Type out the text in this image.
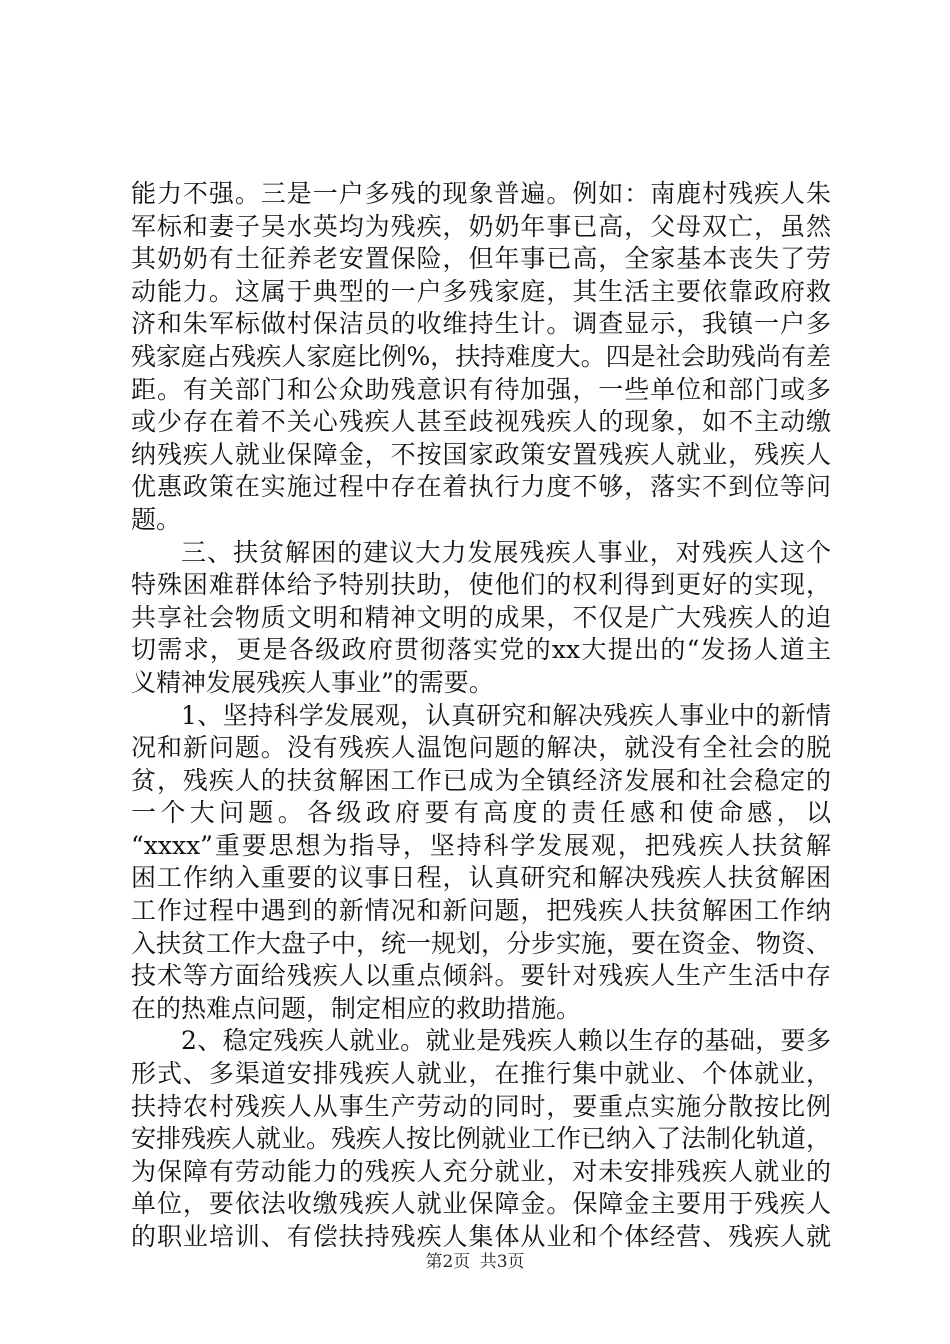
能力不强。三是一户多残的现象普遍。例如：南鹿村残疾人朱
军标和妻子吴水英均为残疾，奶奶年事已高，父母双亡，虽然
其奶奶有土征养老安置保险，但年事已高，全家基本丧失了劳
动能力。这属于典型的一户多残家庭，其生活主要依靠政府救
济和朱军标做村保洁员的收维持生计。调查显示，我镇一户多
残家庭占残疾人家庭比例%，扶持难度大。四是社会助残尚有差
距。有关部门和公众助残意识有待加强，一些单位和部门或多
或少存在着不关心残疾人甚至歧视残疾人的现象，如不主动缴
纳残疾人就业保障金，不按国家政策安置残疾人就业，残疾人
优惠政策在实施过程中存在着执行力度不够，落实不到位等问
题。
三、扶贫解困的建议大力发展残疾人事业，对残疾人这个
特殊困难群体给予特别扶助，使他们的权利得到更好的实现，
共享社会物质文明和精神文明的成果，不仅是广大残疾人的迫
切需求，更是各级政府贯彻落实党的xx大提出的“发扬人道主
义精神发展残疾人事业”的需要。
1、坚持科学发展观，认真研究和解决残疾人事业中的新情
况和新问题。没有残疾人温饱问题的解决，就没有全社会的脱
贫，残疾人的扶贫解困工作已成为全镇经济发展和社会稳定的
一个大问题。各级政府要有高度的责任感和使命感，以
“xxxx”重要思想为指导，坚持科学发展观，把残疾人扶贫解
困工作纳入重要的议事日程，认真研究和解决残疾人扶贫解困
工作过程中遇到的新情况和新问题，把残疾人扶贫解困工作纳
入扶贫工作大盘子中，统一规划，分步实施，要在资金、物资、
技术等方面给残疾人以重点倾斜。要针对残疾人生产生活中存
在的热难点问题，制定相应的救助措施。
2、稳定残疾人就业。就业是残疾人赖以生存的基础，要多
形式、多渠道安排残疾人就业，在推行集中就业、个体就业，
扶持农村残疾人从事生产劳动的同时，要重点实施分散按比例
安排残疾人就业。残疾人按比例就业工作已纳入了法制化轨道，
为保障有劳动能力的残疾人充分就业，对未安排残疾人就业的
单位，要依法收缴残疾人就业保障金。保障金主要用于残疾人
的职业培训、有偿扶持残疾人集体从业和个体经营、残疾人就
第2页 共3页
